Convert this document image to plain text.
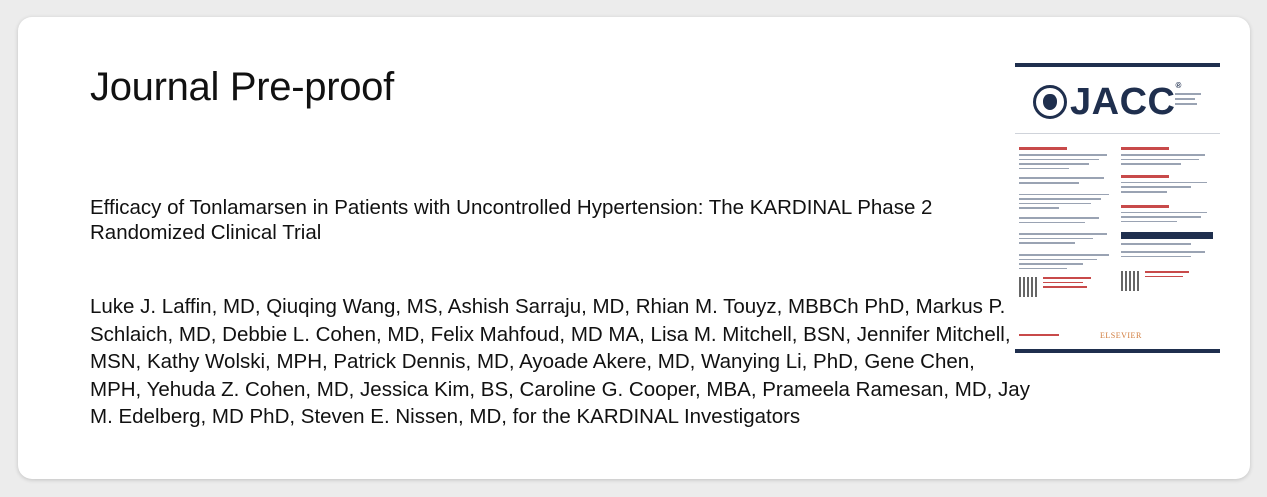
Journal Pre-proof
Efficacy of Tonlamarsen in Patients with Uncontrolled Hypertension: The KARDINAL Phase 2 Randomized Clinical Trial
Luke J. Laffin, MD, Qiuqing Wang, MS, Ashish Sarraju, MD, Rhian M. Touyz, MBBCh PhD, Markus P. Schlaich, MD, Debbie L. Cohen, MD, Felix Mahfoud, MD MA, Lisa M. Mitchell, BSN, Jennifer Mitchell, MSN, Kathy Wolski, MPH, Patrick Dennis, MD, Ayoade Akere, MD, Wanying Li, PhD, Gene Chen, MPH, Yehuda Z. Cohen, MD, Jessica Kim, BS, Caroline G. Cooper, MBA, Prameela Ramesan, MD, Jay M. Edelberg, MD PhD, Steven E. Nissen, MD, for the KARDINAL Investigators
JACC®
ELSEVIER
